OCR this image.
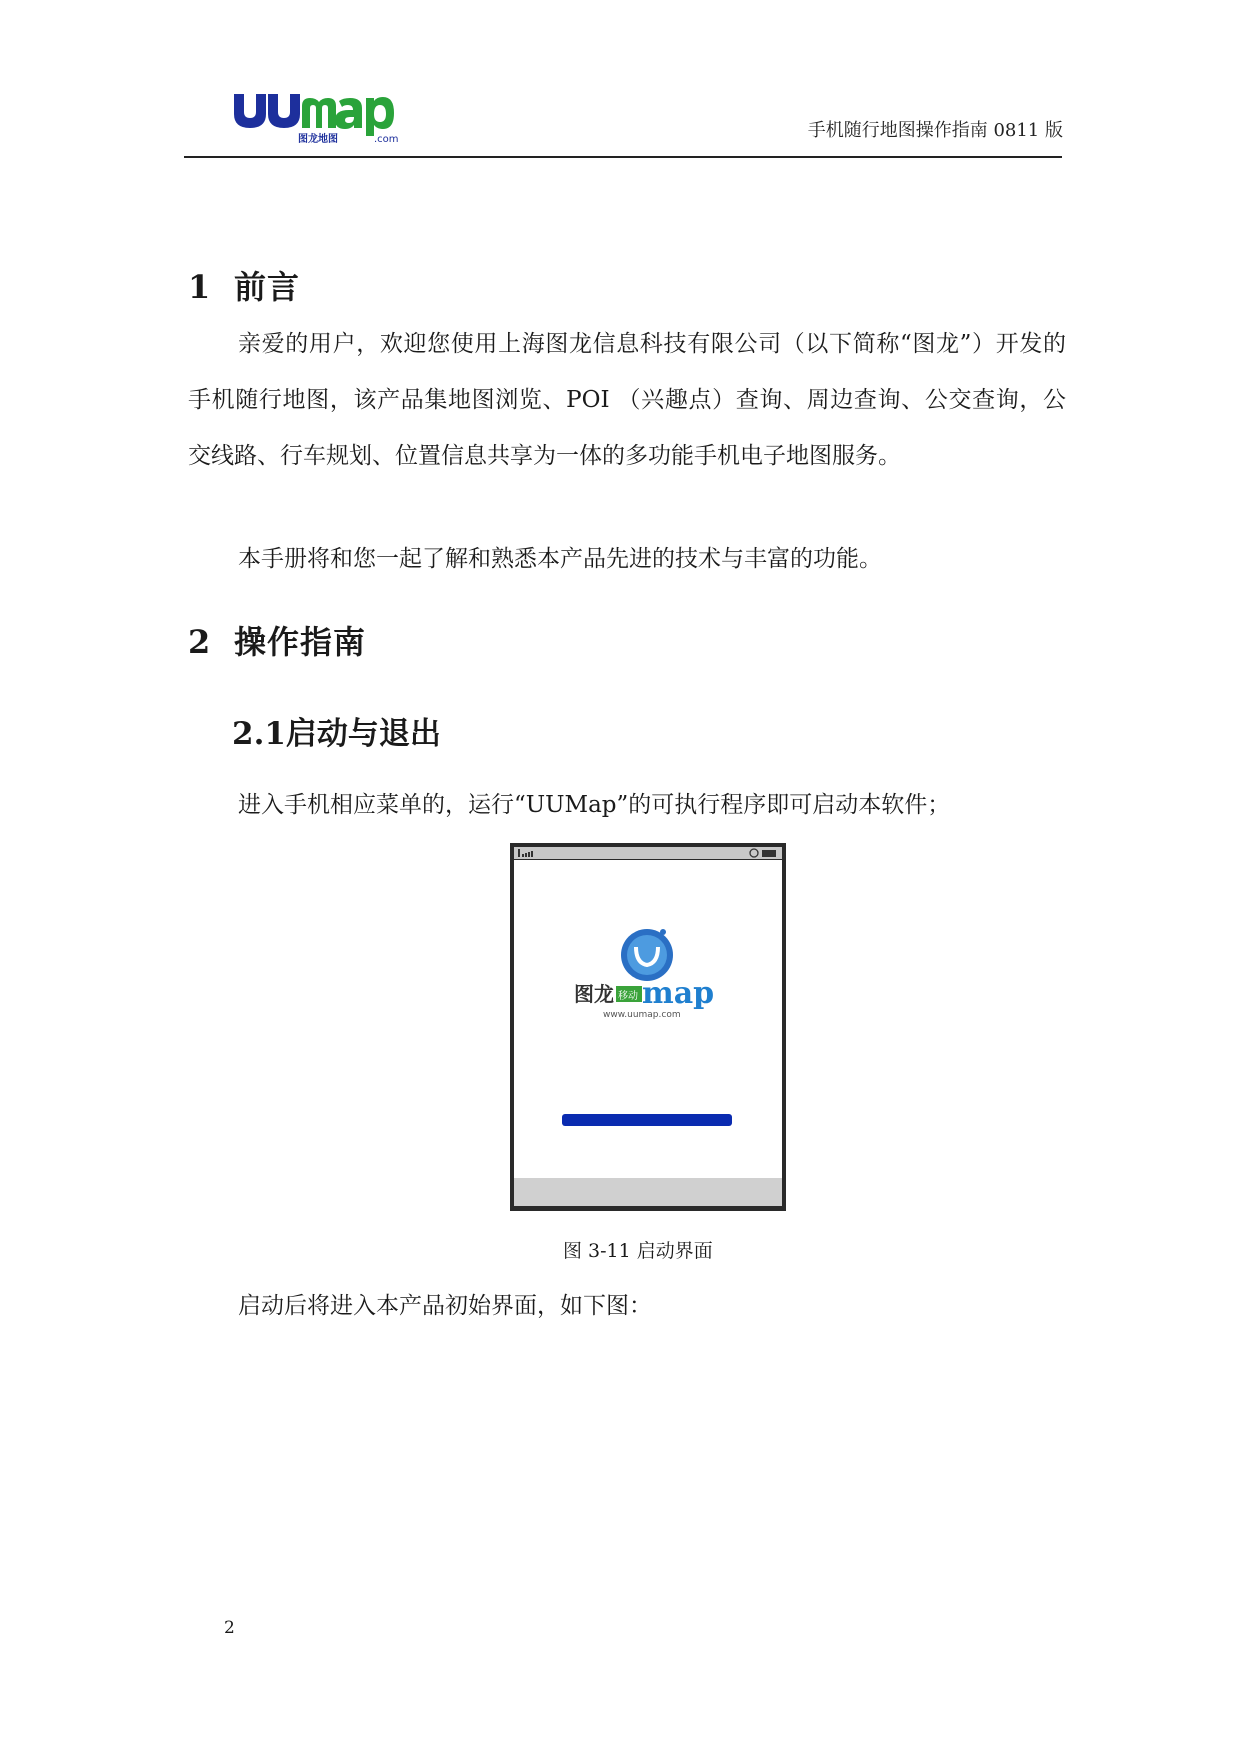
图龙地图	.com	手机随行地图操作指南 0811 版
1 前言
亲爱的用户，欢迎您使用上海图龙信息科技有限公司（以下简称“图龙”）开发的手机随行地图，该产品集地图浏览、POI （兴趣点）查询、周边查询、公交查询，公交线路、行车规划、位置信息共享为一体的多功能手机电子地图服务。
本手册将和您一起了解和熟悉本产品先进的技术与丰富的功能。
2 操作指南
2.1启动与退出
进入手机相应菜单的，运行“UUMap”的可执行程序即可启动本软件；
图龙 移动 map
www.uumap.com
图 3-11 启动界面
启动后将进入本产品初始界面，如下图：
2
